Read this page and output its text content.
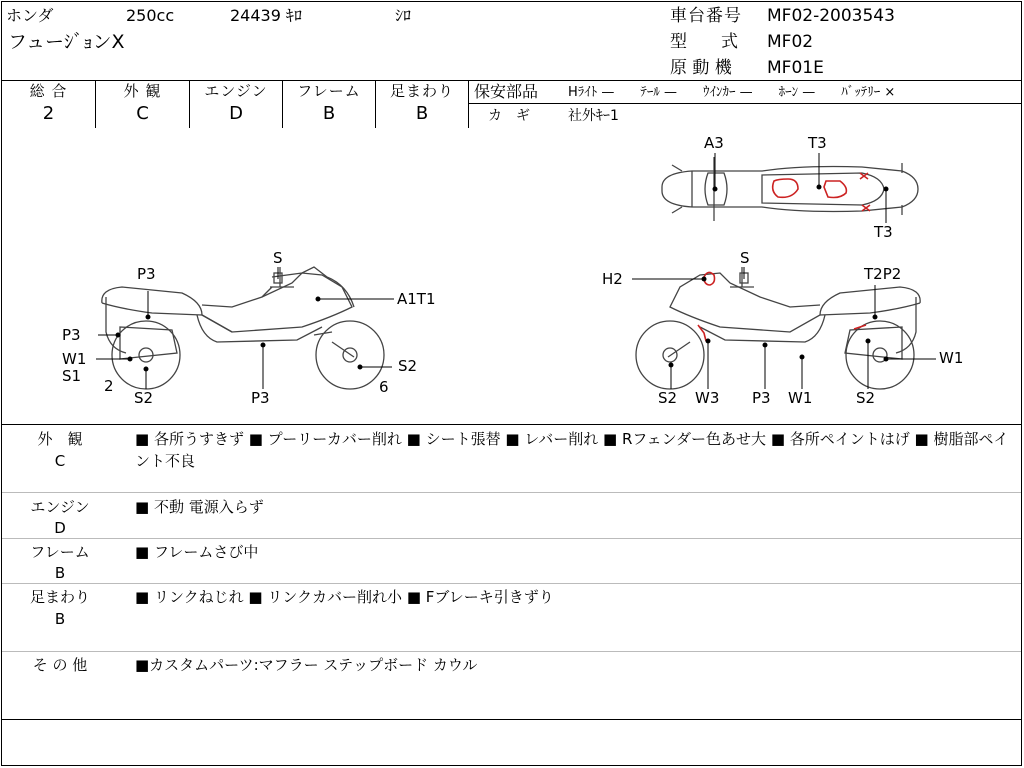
ホンダ	250cc	24439 ｷﾛ	ｼﾛ
フューｼﾞｮンX
車台番号 MF02-2003543
型　　式 MF02
原 動 機 MF01E
総 合
2
外 観
C
エンジン
D
フレーム
B
足まわり
B
保安部品 Hﾗｲﾄ —　　ﾃｰﾙ —　　ｳｲﾝｶｰ —　　ﾎｰﾝ —　　ﾊﾞｯﾃﾘｰ ×
カ　ギ	社外ｷｰ1
S
P3
A1T1
P3
W1
S1
2
S2	P3
S2
6
S
H2	T2P2
W1
S2 W3 P3 W1	S2
A3	T3
T3
外　観
C
■ 各所うすきず ■ プーリーカバー削れ ■ シート張替 ■ レバー削れ ■ Rフェンダー色あせ大 ■ 各所ペイントはげ ■ 樹脂部ペイント不良
エンジン
D
■ 不動 電源入らず
フレーム
B
■ フレームさび中
足まわり
B
■ リンクねじれ ■ リンクカバー削れ小 ■ Fブレーキ引きずり
そ の 他	■カスタムパーツ:マフラー ステップボード カウル
